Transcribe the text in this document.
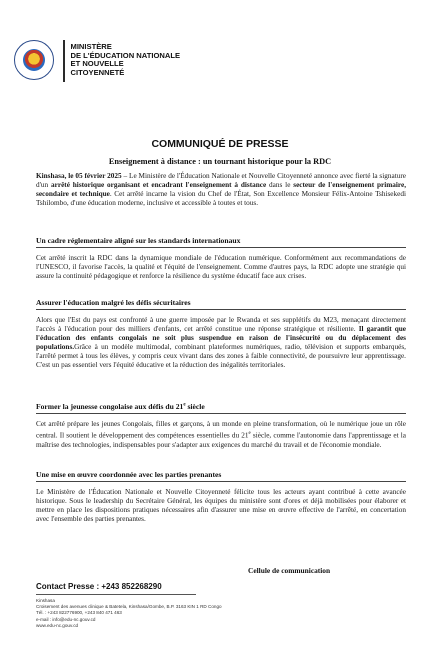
MINISTÈRE
DE L'ÉDUCATION NATIONALE
ET NOUVELLE
CITOYENNETÉ
COMMUNIQUÉ DE PRESSE
Enseignement à distance : un tournant historique pour la RDC
Kinshasa, le 05 février 2025 – Le Ministère de l'Éducation Nationale et Nouvelle Citoyenneté annonce avec fierté la signature d'un arrêté historique organisant et encadrant l'enseignement à distance dans le secteur de l'enseignement primaire, secondaire et technique. Cet arrêté incarne la vision du Chef de l'État, Son Excellence Monsieur Félix-Antoine Tshisekedi Tshilombo, d'une éducation moderne, inclusive et accessible à toutes et tous.
Un cadre réglementaire aligné sur les standards internationaux
Cet arrêté inscrit la RDC dans la dynamique mondiale de l'éducation numérique. Conformément aux recommandations de l'UNESCO, il favorise l'accès, la qualité et l'équité de l'enseignement. Comme d'autres pays, la RDC adopte une stratégie qui assure la continuité pédagogique et renforce la résilience du système éducatif face aux crises.
Assurer l'éducation malgré les défis sécuritaires
Alors que l'Est du pays est confronté à une guerre imposée par le Rwanda et ses supplétifs du M23, menaçant directement l'accès à l'éducation pour des milliers d'enfants, cet arrêté constitue une réponse stratégique et résiliente. Il garantit que l'éducation des enfants congolais ne soit plus suspendue en raison de l'insécurité ou du déplacement des populations.Grâce à un modèle multimodal, combinant plateformes numériques, radio, télévision et supports embarqués, l'arrêté permet à tous les élèves, y compris ceux vivant dans des zones à faible connectivité, de poursuivre leur apprentissage. C'est un pas essentiel vers l'équité éducative et la réduction des inégalités territoriales.
Former la jeunesse congolaise aux défis du 21e siècle
Cet arrêté prépare les jeunes Congolais, filles et garçons, à un monde en pleine transformation, où le numérique joue un rôle central. Il soutient le développement des compétences essentielles du 21e siècle, comme l'autonomie dans l'apprentissage et la maîtrise des technologies, indispensables pour s'adapter aux exigences du marché du travail et de l'économie mondiale.
Une mise en œuvre coordonnée avec les parties prenantes
Le Ministère de l'Éducation Nationale et Nouvelle Citoyenneté félicite tous les acteurs ayant contribué à cette avancée historique. Sous le leadership du Secrétaire Général, les équipes du ministère sont d'ores et déjà mobilisées pour élaborer et mettre en place les dispositions pratiques nécessaires afin d'assurer une mise en œuvre effective de l'arrêté, en concertation avec l'ensemble des parties prenantes.
Cellule de communication
Contact Presse : +243 852268290
Kinshasa
Croisement des avenues clinique & Batetela, Kinshasa/Gombe, B.P. 3163 KIN 1 RD Congo
Tél. : +243 822776900, +243 840 471 463
e-mail : info@edu-nc.gouv.cd
www.edu-nc.gouv.cd
